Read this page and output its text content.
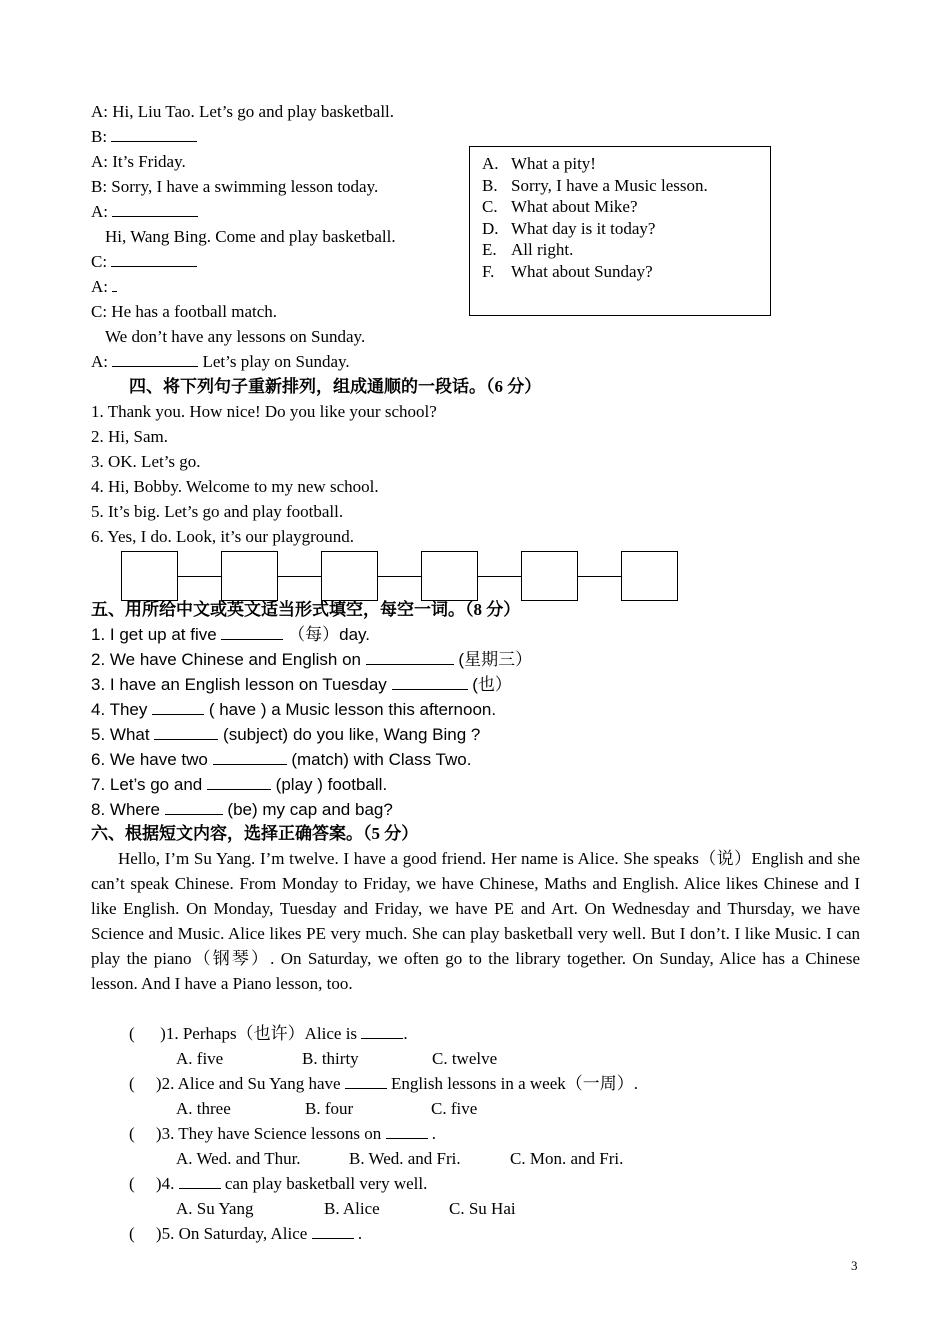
A: Hi, Liu Tao. Let’s go and play basketball.
B:
A: It’s Friday.
B: Sorry, I have a swimming lesson today.
A:
Hi, Wang Bing. Come and play basketball.
C:
A:
C: He has a football match.
We don’t have any lessons on Sunday.
A:	Let’s play on Sunday.
A. What a pity!
B. Sorry, I have a Music lesson.
C. What about Mike?
D. What day is it today?
E. All right.
F. What about Sunday?
四、将下列句子重新排列，组成通顺的一段话。（6 分）
1. Thank you. How nice! Do you like your school?
2. Hi, Sam.
3. OK. Let’s go.
4. Hi, Bobby. Welcome to my new school.
5. It’s big. Let’s go and play football.
6. Yes, I do. Look, it’s our playground.
五、用所给中文或英文适当形式填空，每空一词。（8 分）
1. I get up at five	（每）day.
2. We have Chinese and English on	(星期三）
3. I have an English lesson on Tuesday	(也）
4. They	( have ) a Music lesson this afternoon.
5. What	(subject) do you like, Wang Bing ?
6. We have two	(match) with Class Two.
7. Let’s go and	(play ) football.
8. Where	(be) my cap and bag?
六、根据短文内容，选择正确答案。（5 分）
Hello, I’m Su Yang. I’m twelve. I have a good friend. Her name is Alice. She speaks（说）English and she can’t speak Chinese. From Monday to Friday, we have Chinese, Maths and English. Alice likes Chinese and I like English. On Monday, Tuesday and Friday, we have PE and Art. On Wednesday and Thursday, we have Science and Music. Alice likes PE very much. She can play basketball very well. But I don’t. I like Music. I can play the piano（钢琴）. On Saturday, we often go to the library together. On Sunday, Alice has a Chinese lesson. And I have a Piano lesson, too.
(      )1. Perhaps（也许）Alice is .
A. five	B. thirty	C. twelve
(     )2. Alice and Su Yang have  English lessons in a week（一周）.
A. three	B. four	C. five
(     )3. They have Science lessons on  .
A. Wed. and Thur.	B. Wed. and Fri.	C. Mon. and Fri.
(     )4.  can play basketball very well.
A. Su Yang	B. Alice	C. Su Hai
(     )5. On Saturday, Alice  .
3
